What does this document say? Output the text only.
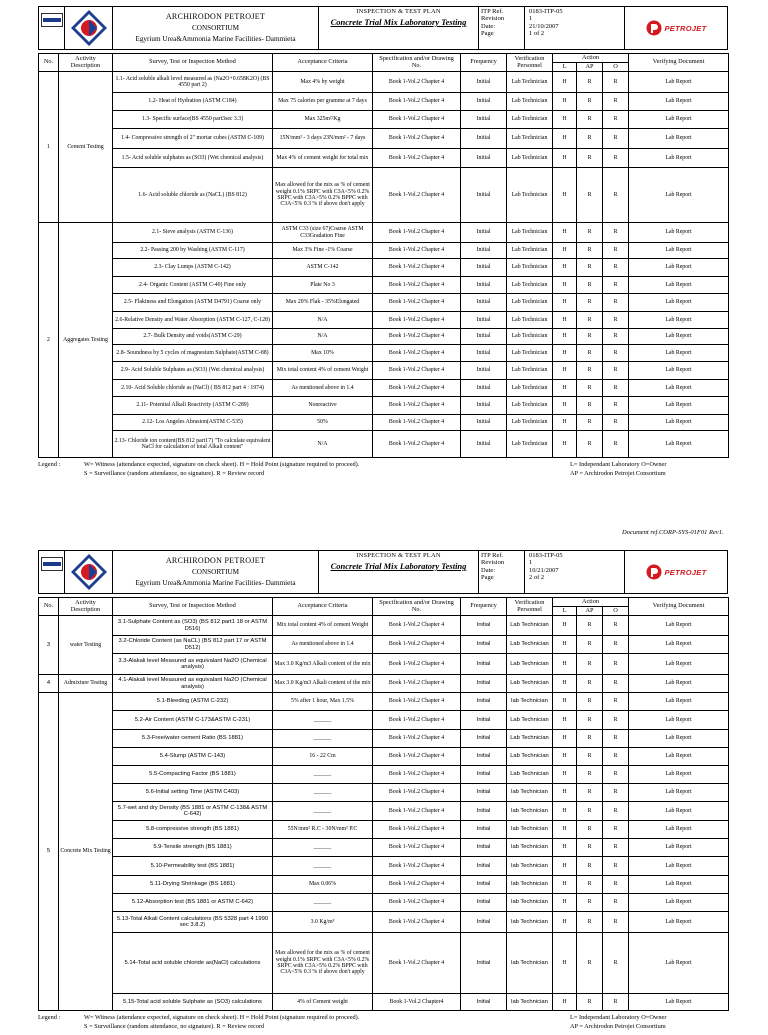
ARCHIRODON PETROJET
CONSORTIUM
Egyrium Urea&Ammonia Marine Facilities- Dammieta
INSPECTION & TEST PLAN
Concrete Trial Mix Laboratory Testing
ITP Ref.
Revision
Date:
Page
0183-ITP-05
1
21/10/2007
1 of 2
PETROJET
No.	Activity Description	Survey, Test or Inspection Method	Acceptance Criteria	Specification and/or Drawing No.	Frequency	Verification Personnel	Action			Verifying Document
							L	AP	O	
1	Cement Testing	1.1- Acid soluble alkali level measured as (Na2O+0.658K2O) (BS 4550 part 2)	Max 4% by weight	Book 1-Vol.2 Chapter 4	Initial	Lab Technician	H	R	R	Lab Report
		1.2- Heat of Hydration (ASTM C184)	Max 75 calories per gramme at 7 days	Book 1-Vol.2 Chapter 4	Initial	Lab Technician	H	R	R	Lab Report
		1.3- Specific surface(BS 4550 part3sec 3.3)	Max 325m²/Kg	Book 1-Vol.2 Chapter 4	Initial	Lab Technician	H	R	R	Lab Report
		1.4- Compressive strength of 2" mortar cubes (ASTM C-109)	15N/mm² - 3 days 23N/mm² - 7 days	Book 1-Vol.2 Chapter 4	Initial	Lab Technician	H	R	R	Lab Report
		1.5- Acid soluble sulphates as (SO3) (Wet chemical analysis)	Max 4% of cement weight for total mix	Book 1-Vol.2 Chapter 4	Initial	Lab Technician	H	R	R	Lab Report
		1.6- Acid soluble chloride as (NaCL) (BS 812)	Max allowed for the mix as % of cement weight 0.1% SRPC with C3A<5% 0.2% SRPC with C3A>5% 0.2% BPPC with C3A<5% 0.3 % if above don't apply	Book 1-Vol.2 Chapter 4	Initial	Lab Technician	H	R	R	Lab Report
2	Aggregates Testing	2.1- Sieve analysis (ASTM C-136)	ASTM C33 (size 67)Coarse ASTM C33Gradation Fine	Book 1-Vol.2 Chapter 4	Initial	Lab Technician	H	R	R	Lab Report
		2.2- Passing 200 by Washing (ASTM C-117)	Max 3% Fine -1% Coarse	Book 1-Vol.2 Chapter 4	Initial	Lab Technician	H	R	R	Lab Report
		2.3- Clay Lumps (ASTM C-142)	ASTM C-142	Book 1-Vol.2 Chapter 4	Initial	Lab Technician	H	R	R	Lab Report
		2.4- Organic Content (ASTM C-40) Fine only	Plate No 3	Book 1-Vol.2 Chapter 4	Initial	Lab Technician	H	R	R	Lab Report
		2.5- Flakiness and Elongation (ASTM D4791) Coarse only	Max 20% Flak - 35%Elongated	Book 1-Vol.2 Chapter 4	Initial	Lab Technician	H	R	R	Lab Report
		2.6-Relative Density and Water Absorption (ASTM C-127, C-128)	N/A	Book 1-Vol.2 Chapter 4	Initial	Lab Technician	H	R	R	Lab Report
		2.7- Bulk Density and voids(ASTM C-29)	N/A	Book 1-Vol.2 Chapter 4	Initial	Lab Technician	H	R	R	Lab Report
		2.8- Soundness by 5 cycles of magnesium Sulphate(ASTM C-88)	Max 10%	Book 1-Vol.2 Chapter 4	Initial	Lab Technician	H	R	R	Lab Report
		2.9- Acid Soluble Sulphates as (SO3) (Wet chemical analysis)	Mix total content 4% of cement Weight	Book 1-Vol.2 Chapter 4	Initial	Lab Technician	H	R	R	Lab Report
		2.10- Acid Soluble chloride as (NaCl) ( BS 812 part 4 : 1974)	As mentioned above in 1.4	Book 1-Vol.2 Chapter 4	Initial	Lab Technician	H	R	R	Lab Report
		2.11- Potential Alkali Reactivity (ASTM C-289)	Nonreactive	Book 1-Vol.2 Chapter 4	Initial	Lab Technician	H	R	R	Lab Report
		2.12- Los Angeles Abrasion(ASTM C-535)	50%	Book 1-Vol.2 Chapter 4	Initial	Lab Technician	H	R	R	Lab Report
		2.13- Chloride ion content(BS 812 part17) "To calculate equivalent NaCl for calculation of total Alkali content"	N/A	Book 1-Vol.2 Chapter 4	Initial	Lab Technician	H	R	R	Lab Report
Legend :	W= Witness (attendance expected, signature on check sheet). H = Hold Point (signature required to proceed).
S = Surveillance (random attendance, no signature). R = Review record
L= Independant Laboratory O=Owner
AP = Archirodon Petrojet Consortium
Document ref.CORP-SYS-01F01 Rev1.
ARCHIRODON PETROJET
CONSORTIUM
Egyrium Urea&Ammonia Marine Facilities- Dammieta
INSPECTION & TEST PLAN
Concrete Trial Mix Laboratory Testing
ITP Ref.
Revision
Date:
Page
0183-ITP-05
1
10/21/2007
2 of 2
PETROJET
No.	Activity Description	Survey, Test or Inspection Method	Acceptance Criteria	Specification and/or Drawing No.	Frequency	Verification Personnel	Action			Verifying Document
							L	AP	O	
3	water Testing	3.1-Sulphate Content as (SO3) (BS 812 part1 18 or ASTM D516)	Mix total content 4% of cement Weight	Book 1-Vol.2 Chapter 4	Initial	Lab Technician	H	R	R	Lab Report
		3.2-Chloride Content (as NaCL) (BS 812 part 17 or ASTM D512)	As mentioned above in 1.4	Book 1-Vol.2 Chapter 4	Initial	Lab Technician	H	R	R	Lab Report
		3.3-Alakali level Measured as equivalant Na2O (Chemical analysis)	Max 3.0 Kg/m3 Alkali content of the mix	Book 1-Vol.2 Chapter 4	Initial	Lab Technician	H	R	R	Lab Report
4	Admixture Testing	4.1-Alakali level Measured as equivalant Na2O (Chemical analysis)	Max 3.0 Kg/m3 Alkali content of the mix	Book 1-Vol.2 Chapter 4	Initial	Lab Technician	H	R	R	Lab Report
5	Concrete Mix Testing	5.1-Bleeding (ASTM C-232)	5% after 1 hour, Max 1.5%	Book 1-Vol.2 Chapter 4	Initial	lab Technician	H	R	R	Lab Report
		5.2-Air Content (ASTM C-173&ASTM C-231)	______	Book 1-Vol.2 Chapter 4	Initial	Lab Technician	H	R	R	Lab Report
		5.3-Free/water cement Ratio (BS 1881)	______	Book 1-Vol.2 Chapter 4	Initial	Lab Technician	H	R	R	Lab Report
		5.4-Slump (ASTM C-143)	16 - 22 Cm	Book 1-Vol.2 Chapter 4	Initial	Lab Technician	H	R	R	Lab Report
		5.5-Compacting Factor (BS 1881)	______	Book 1-Vol.2 Chapter 4	Initial	Lab Technician	H	R	R	Lab Report
		5.6-Initial setting Time (ASTM C403)	______	Book 1-Vol.2 Chapter 4	Initial	lab Technician	H	R	R	Lab Report
		5.7-wet and dry Density (BS 1881 or ASTM C-138& ASTM C-642)	______	Book 1-Vol.2 Chapter 4	Initial	lab Technician	H	R	R	Lab Report
		5.8-compressive strength (BS 1881)	55N/mm² R.C - 30N/mm² P.C	Book 1-Vol.2 Chapter 4	Initial	lab Technician	H	R	R	Lab Report
		5.9-Tensile strength (BS 1881)	______	Book 1-Vol.2 Chapter 4	Initial	lab Technician	H	R	R	Lab Report
		5.10-Permeability test (BS 1881)	______	Book 1-Vol.2 Chapter 4	Initial	lab Technician	H	R	R	Lab Report
		5.11-Drying Shrinkage (BS 1881)	Max 0.06%	Book 1-Vol.2 Chapter 4	Initial	lab Technician	H	R	R	Lab Report
		5.12-Absorption test (BS 1881 or ASTM C-642)	______	Book 1-Vol.2 Chapter 4	Initial	lab Technician	H	R	R	Lab Report
		5.13-Total Alkali Content calculations (BS 5328 part 4 1990 sec 3.8.2)	3.0 Kg/m³	Book 1-Vol.2 Chapter 4	Initial	lab Technician	H	R	R	Lab Report
		5.14-Total acid soluble chloride as(NaCl) calculations	Max allowed for the mix as % of cement weight 0.1% SRPC with C3A<5% 0.2% SRPC with C3A>5% 0.2% BPPC with C3A<5% 0.3 % if above don't apply	Book 1-Vol.2 Chapter 4	Initial	lab Technician	H	R	R	Lab Report
		5.15-Total acid soluble Sulphate as (SO3) calculations	4% of Cement weight	Book 1-Vol.2 Chapter4	Initial	lab Technician	H	R	R	Lab Report
Legend :	W= Witness (attendance expected, signature on check sheet). H = Hold Point (signature required to proceed).
S = Surveillance (random attendance, no signature). R = Review record
L= Independant Laboratory O=Owner
AP = Archirodon Petrojet Consortium
